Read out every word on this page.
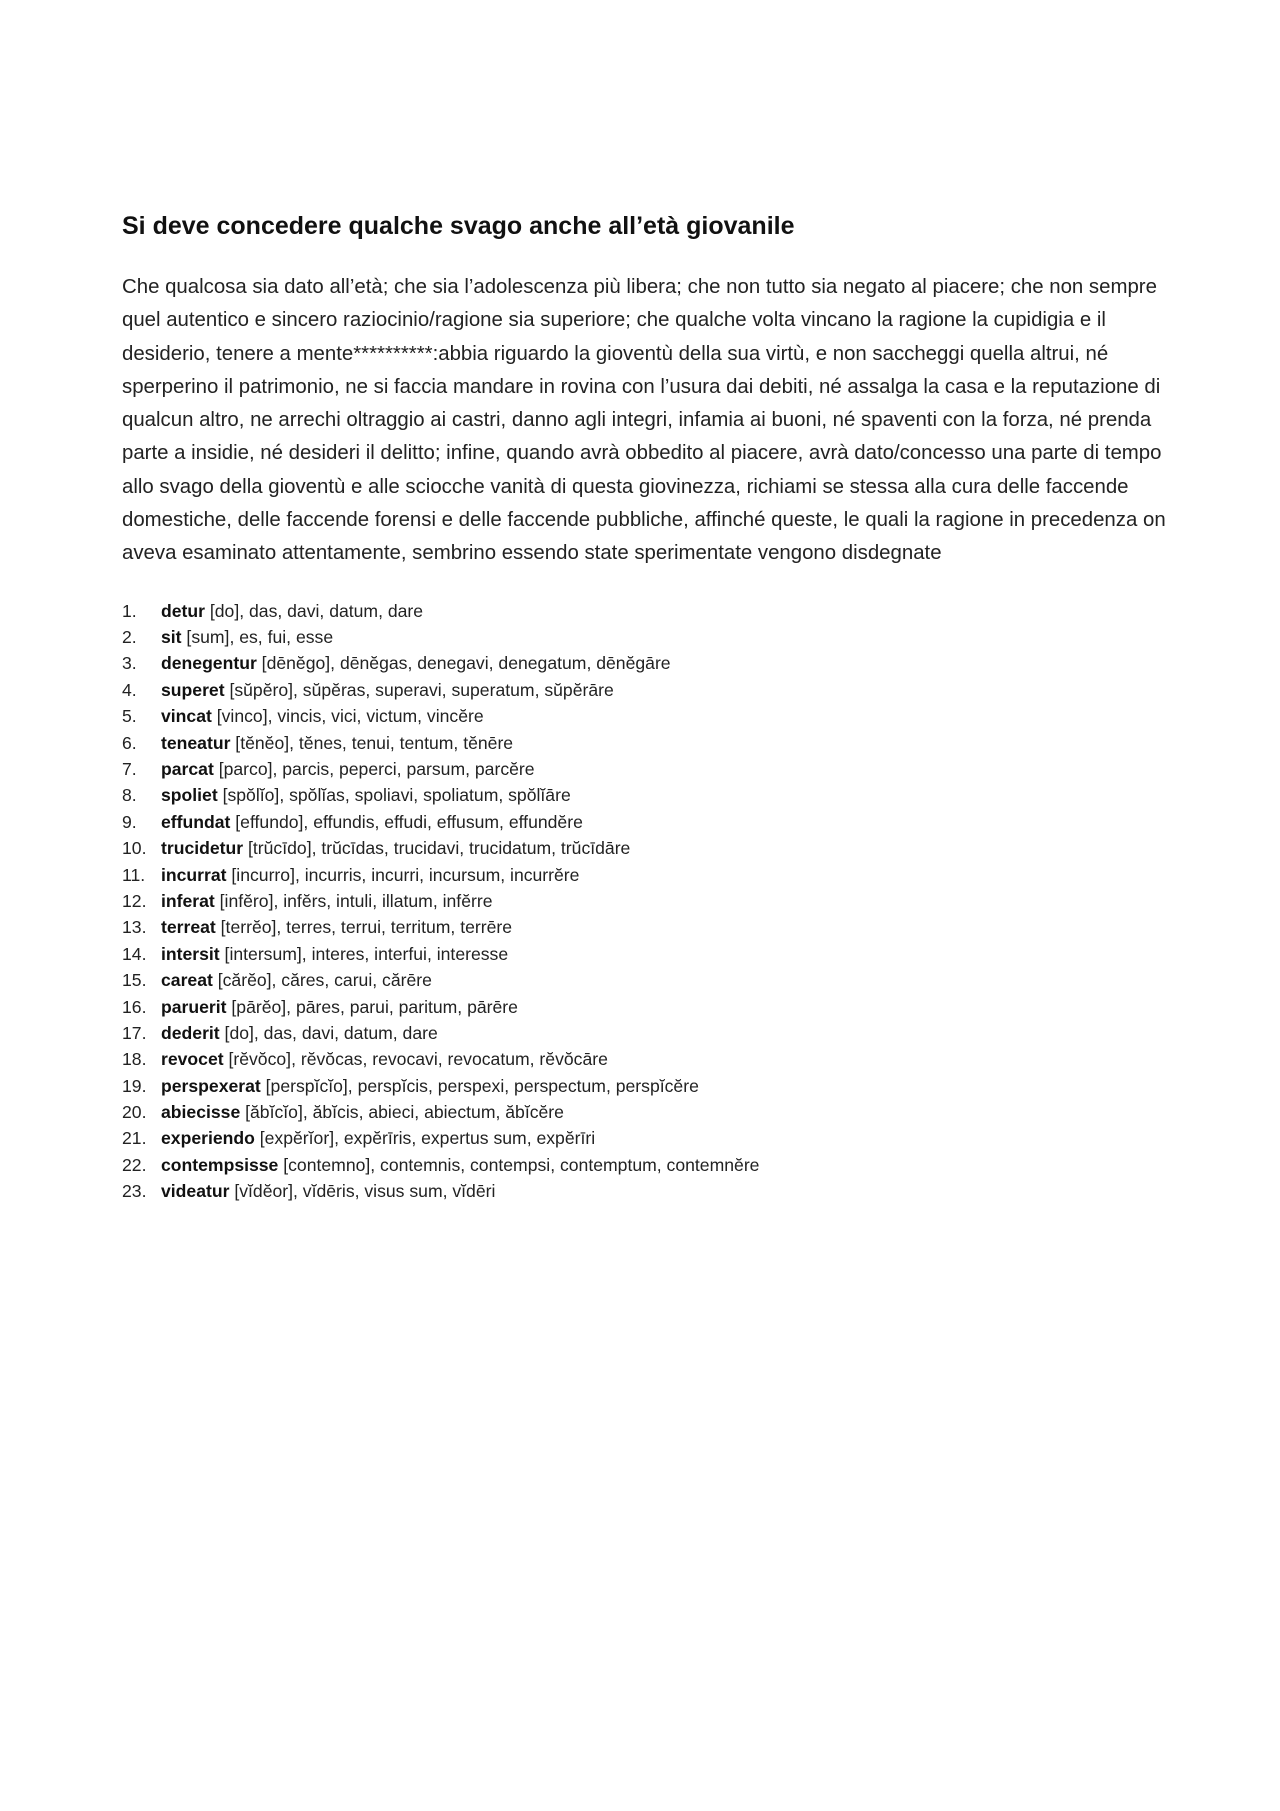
Si deve concedere qualche svago anche all’età giovanile

Che qualcosa sia dato all’età; che sia l’adolescenza più libera; che non tutto sia negato al piacere; che non sempre quel autentico e sincero raziocinio/ragione sia superiore; che qualche volta vincano la ragione la cupidigia e il desiderio, tenere a mente**********:abbia riguardo la gioventù della sua virtù, e non saccheggi quella altrui, né sperperino il patrimonio, ne si faccia mandare in rovina con l’usura dai debiti, né assalga la casa e la reputazione di qualcun altro, ne arrechi oltraggio ai castri, danno agli integri, infamia ai buoni, né spaventi con la forza, né prenda parte a insidie, né desideri il delitto; infine, quando avrà obbedito al piacere, avrà dato/concesso una parte di tempo allo svago della gioventù e alle sciocche vanità di questa giovinezza, richiami se stessa alla cura delle faccende domestiche, delle faccende forensi e delle faccende pubbliche, affinché queste, le quali la ragione in precedenza on aveva esaminato attentamente, sembrino essendo state sperimentate vengono disdegnate

1. detur [do], das, davi, datum, dare
2. sit [sum], es, fui, esse
3. denegentur [dēnĕgo], dēnĕgas, denegavi, denegatum, dēnĕgāre
4. superet [sŭpĕro], sŭpĕras, superavi, superatum, sŭpĕrāre
5. vincat [vinco], vincis, vici, victum, vincĕre
6. teneatur [tĕnĕo], tĕnes, tenui, tentum, tĕnēre
7. parcat [parco], parcis, peperci, parsum, parcĕre
8. spoliet [spŏlĭo], spŏlĭas, spoliavi, spoliatum, spŏlĭāre
9. effundat [effundo], effundis, effudi, effusum, effundĕre
10. trucidetur [trŭcīdo], trŭcīdas, trucidavi, trucidatum, trŭcīdāre
11. incurrat [incurro], incurris, incurri, incursum, incurrĕre
12. inferat [infĕro], infĕrs, intuli, illatum, infĕrre
13. terreat [terrĕo], terres, terrui, territum, terrēre
14. intersit [intersum], interes, interfui, interesse
15. careat [cărĕo], căres, carui, cărēre
16. paruerit [pārĕo], pāres, parui, paritum, pārēre
17. dederit [do], das, davi, datum, dare
18. revocet [rĕvŏco], rĕvŏcas, revocavi, revocatum, rĕvŏcāre
19. perspexerat [perspĭcĭo], perspĭcis, perspexi, perspectum, perspĭcĕre
20. abiecisse [ăbĭcĭo], ăbĭcis, abieci, abiectum, ăbĭcĕre
21. experiendo [expĕrĭor], expĕrīris, expertus sum, expĕrīri
22. contempsisse [contemno], contemnis, contempsi, contemptum, contemnĕre
23. videatur [vĭdĕor], vĭdēris, visus sum, vĭdēri
